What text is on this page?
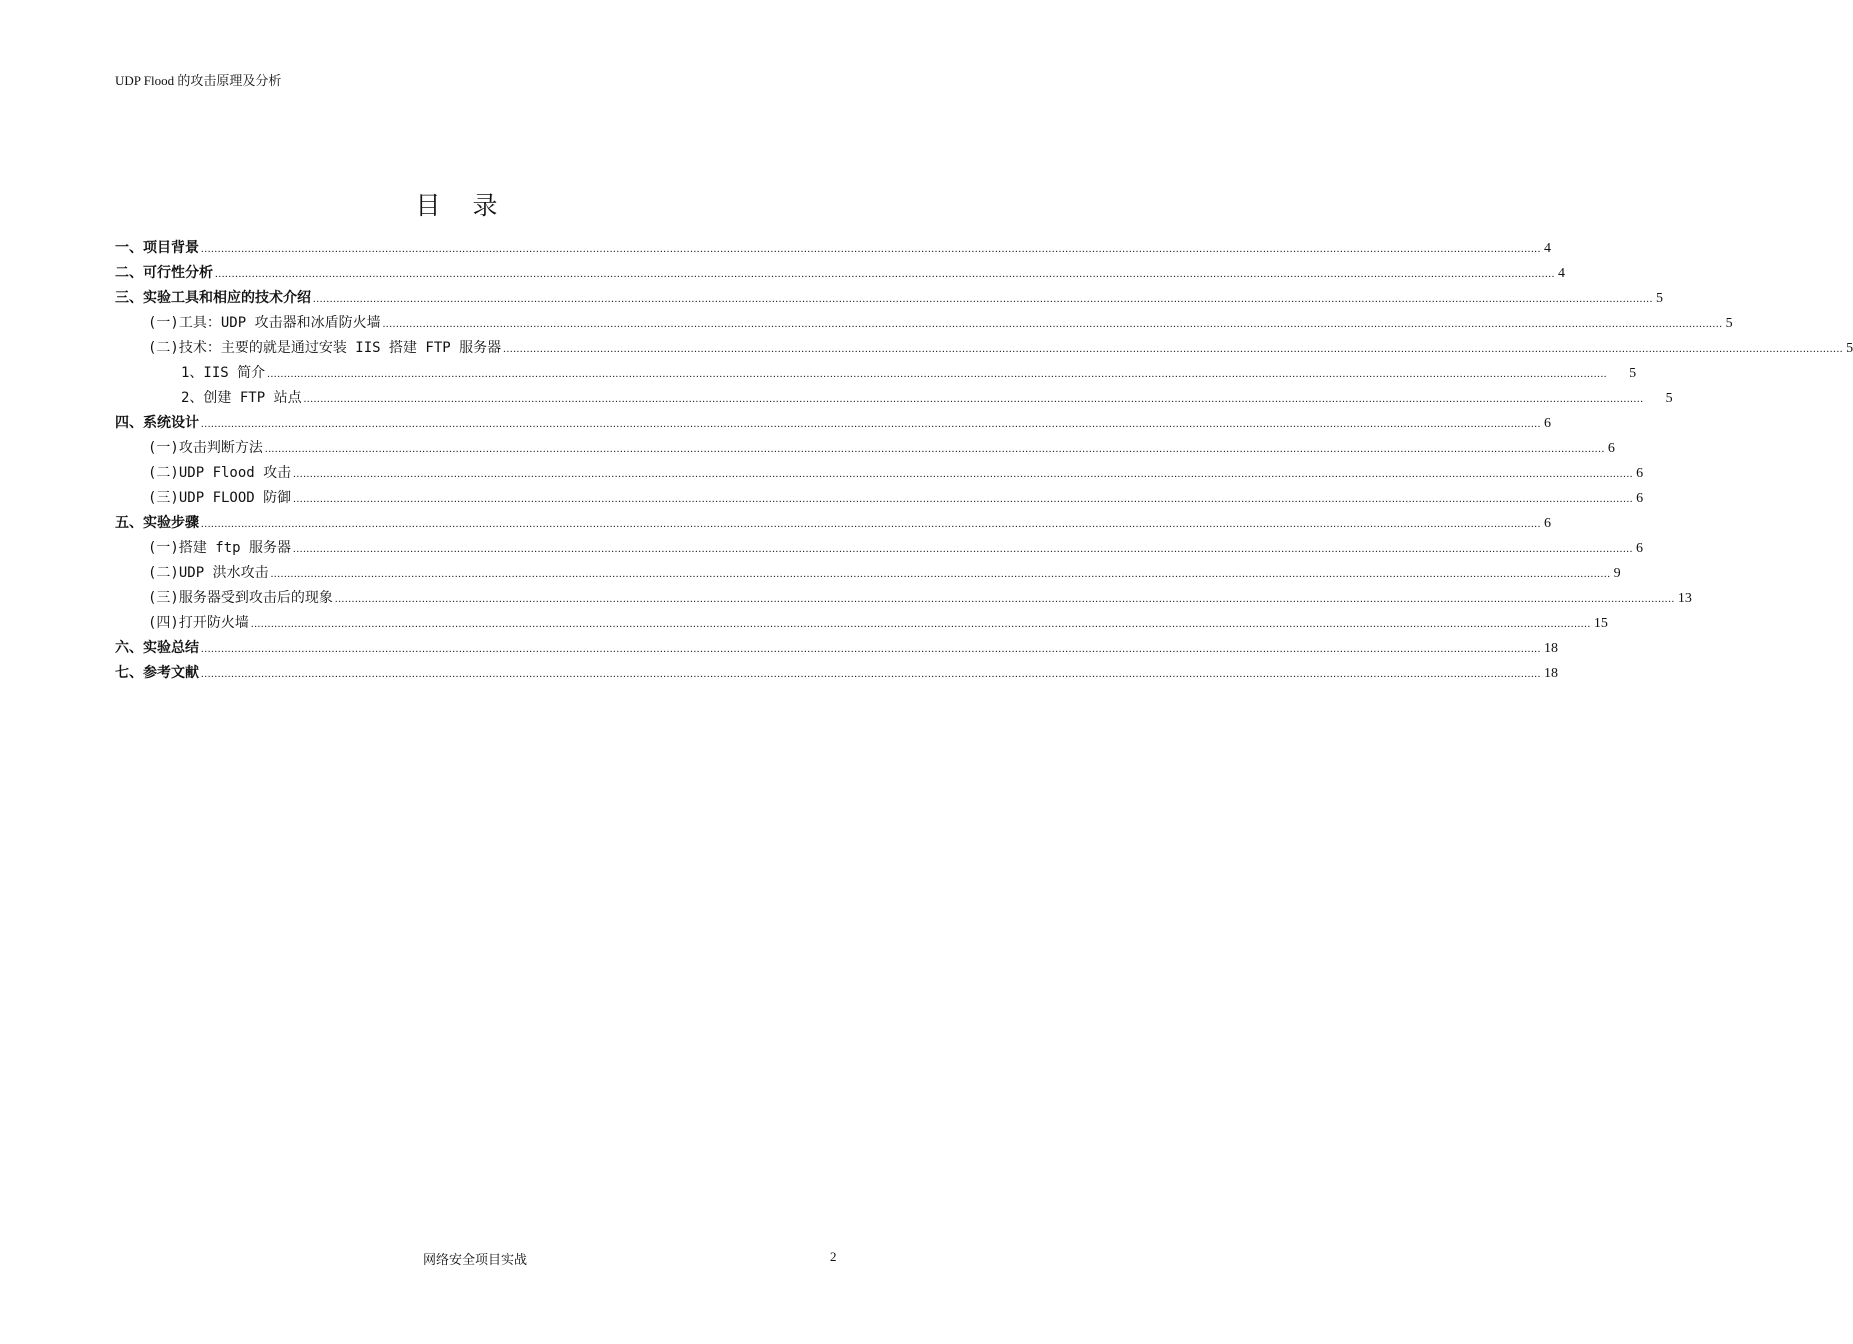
UDP Flood 的攻击原理及分析
目 录
一、项目背景 ................................................................................................................................................................................................................................................................................................................................................................................................................ 4
二、可行性分析 ................................................................................................................................................................................................................................................................................................................................................................................................................ 4
三、实验工具和相应的技术介绍 ................................................................................................................................................................................................................................................................................................................................................................................................................ 5
(一)工具：UDP 攻击器和冰盾防火墙 ................................................................................................................................................................................................................................................................................................................................................................................................................ 5
(二)技术：主要的就是通过安装 IIS 搭建 FTP 服务器 ................................................................................................................................................................................................................................................................................................................................................................................................................ 5
1、IIS 简介 ................................................................................................................................................................................................................................................................................................................................................................................................................ 5
2、创建 FTP 站点 ................................................................................................................................................................................................................................................................................................................................................................................................................ 5
四、系统设计 ................................................................................................................................................................................................................................................................................................................................................................................................................ 6
(一)攻击判断方法 ................................................................................................................................................................................................................................................................................................................................................................................................................ 6
(二)UDP Flood 攻击 ................................................................................................................................................................................................................................................................................................................................................................................................................ 6
(三)UDP FLOOD 防御 ................................................................................................................................................................................................................................................................................................................................................................................................................ 6
五、实验步骤 ................................................................................................................................................................................................................................................................................................................................................................................................................ 6
(一)搭建 ftp 服务器 ................................................................................................................................................................................................................................................................................................................................................................................................................ 6
(二)UDP 洪水攻击 ................................................................................................................................................................................................................................................................................................................................................................................................................ 9
(三)服务器受到攻击后的现象 ................................................................................................................................................................................................................................................................................................................................................................................................................ 13
(四)打开防火墙 ................................................................................................................................................................................................................................................................................................................................................................................................................ 15
六、实验总结 ................................................................................................................................................................................................................................................................................................................................................................................................................ 18
七、参考文献 ................................................................................................................................................................................................................................................................................................................................................................................................................ 18
网络安全项目实战	2
